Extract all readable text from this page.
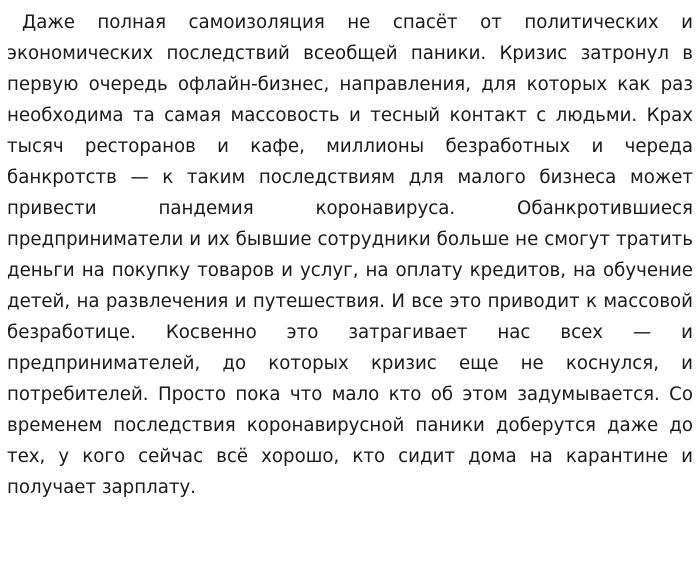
Даже полная самоизоляция не спасёт от политических и экономических последствий всеобщей паники. Кризис затронул в первую очередь офлайн-бизнес, направления, для которых как раз необходима та самая массовость и тесный контакт с людьми. Крах тысяч ресторанов и кафе, миллионы безработных и череда банкротств — к таким последствиям для малого бизнеса может привести пандемия коронавируса. Обанкротившиеся предприниматели и их бывшие сотрудники больше не смогут тратить деньги на покупку товаров и услуг, на оплату кредитов, на обучение детей, на развлечения и путешествия. И все это приводит к массовой безработице. Косвенно это затрагивает нас всех — и предпринимателей, до которых кризис еще не коснулся, и потребителей. Просто пока что мало кто об этом задумывается. Со временем последствия коронавирусной паники доберутся даже до тех, у кого сейчас всё хорошо, кто сидит дома на карантине и получает зарплату.
